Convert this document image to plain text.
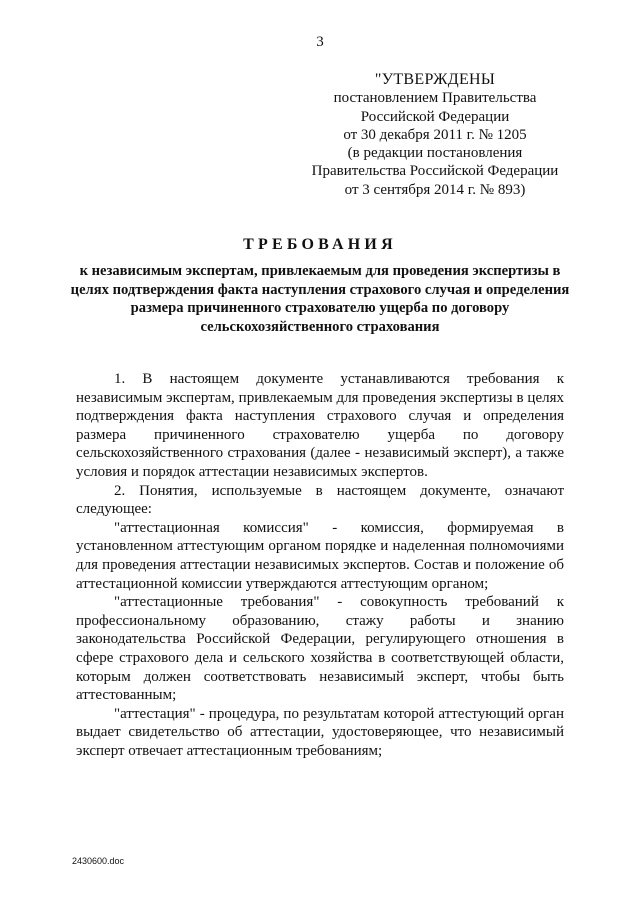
3
"УТВЕРЖДЕНЫ
постановлением Правительства
Российской Федерации
от 30 декабря 2011 г. № 1205
(в редакции постановления
Правительства Российской Федерации
от 3 сентября 2014 г. № 893)
ТРЕБОВАНИЯ
к независимым экспертам, привлекаемым для проведения экспертизы в целях подтверждения факта наступления страхового случая и определения размера причиненного страхователю ущерба по договору сельскохозяйственного страхования

1. В настоящем документе устанавливаются требования к независимым экспертам, привлекаемым для проведения экспертизы в целях подтверждения факта наступления страхового случая и определения размера причиненного страхователю ущерба по договору сельскохозяйственного страхования (далее - независимый эксперт), а также условия и порядок аттестации независимых экспертов.

2. Понятия, используемые в настоящем документе, означают следующее:

"аттестационная комиссия" - комиссия, формируемая в установленном аттестующим органом порядке и наделенная полномочиями для проведения аттестации независимых экспертов. Состав и положение об аттестационной комиссии утверждаются аттестующим органом;

"аттестационные требования" - совокупность требований к профессиональному образованию, стажу работы и знанию законодательства Российской Федерации, регулирующего отношения в сфере страхового дела и сельского хозяйства в соответствующей области, которым должен соответствовать независимый эксперт, чтобы быть аттестованным;

"аттестация" - процедура, по результатам которой аттестующий орган выдает свидетельство об аттестации, удостоверяющее, что независимый эксперт отвечает аттестационным требованиям;

2430600.doc
